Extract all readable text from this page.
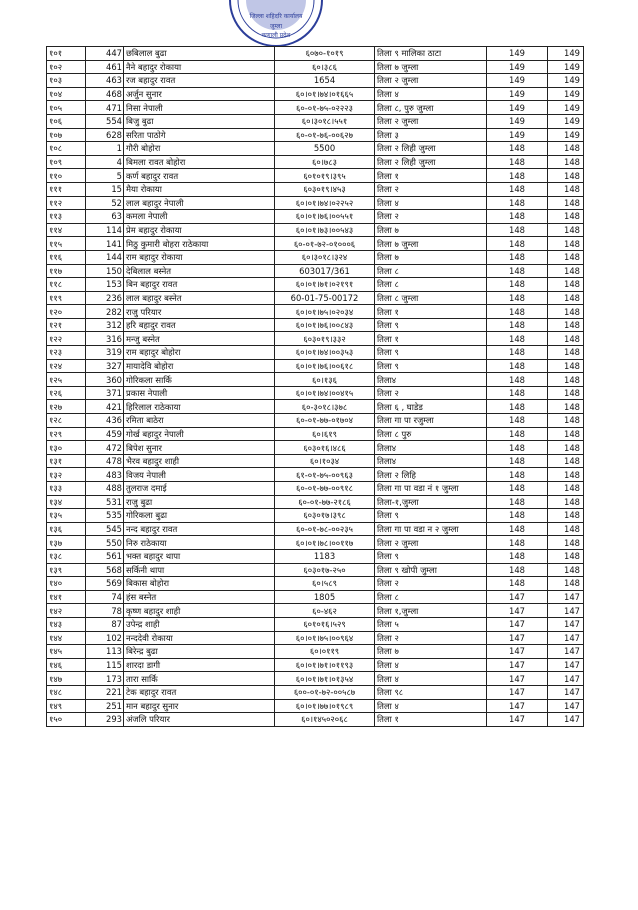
जिल्ला शहिदरि कार्यालय
जुम्ला
कणाली प्रदेश
१०१	447	छबिलाल बुढा	६०७०-१०१९	तिला ९ मालिका ठाटा	149	149
१०२	461	नैने बहादुर रोकाया	६०।३८६	तिला ७ जुम्ला	149	149
१०३	463	रज बहादुर रावत	1654	तिला २ जुम्ला	149	149
१०४	468	अर्जुन सुनार	६०।०१।७४।०१६६५	तिला ४	149	149
१०५	471	निसा नेपाली	६०-०१-७५-०२२२३	तिला ८, पुरु जुम्ला	149	149
१०६	554	बिजु बुढा	६०।३०१८।५५१	तिला २ जुम्ला	149	149
१०७	628	सरिता पाठोगे	६०-०१-७६-००६२७	तिला ३	149	149
१०८	1	गौरी बोहोरा	5500	तिला २ लिही जुम्ला	148	148
१०९	4	बिमला रावत बोहोरा	६०।७८३	तिला २ लिही जुम्ला	148	148
११०	5	कर्ण बहादुर रावत	६०१०१९।३९५	तिला १	148	148
१११	15	मैया रोकाया	६०३०१९।४५३	तिला २	148	148
११२	52	लाल बहादुर नेपाली	६०।०१।७४।०२२५२	तिला ४	148	148
११३	63	कमला नेपाली	६०।०१।७६।००५५१	तिला २	148	148
११४	114	प्रेम बहादुर रोकाया	६०।०१।७३।००५४३	तिला ७	148	148
११५	141	मिठु कुमारी बोहरा राठेकाया	६०-०१-७२-०१०००६	तिला ७ जुम्ला	148	148
११६	144	राम बहादुर रोकाया	६०।३०१८।३२४	तिला ७	148	148
११७	150	देबिलाल बस्नेत	603017/361	तिला ८	148	148
११८	153	बिन बहादुर रावत	६०।०१।७१।०२१९१	तिला ८	148	148
११९	236	लाल बहादुर बस्नेत	60-01-75-00172	तिला ८ जुम्ला	148	148
१२०	282	राजु परियार	६०।०१।७५।०२०३४	तिला १	148	148
१२१	312	हरि बहादुर रावत	६०।०१।७६।००८४३	तिला ९	148	148
१२२	316	मन्जु बस्नेत	६०३०१९।३३२	तिला १	148	148
१२३	319	राम बहादुर बोहोरा	६०।०१।७४।००३५३	तिला ९	148	148
१२४	327	मायादेवि बोहोरा	६०।०१।७६।००६१८	तिला ९	148	148
१२५	360	गोरिकला सार्कि	६०।१३६	तिला४	148	148
१२६	371	प्रकास नेपाली	६०।०१।७४।००४१५	तिला २	148	148
१२७	421	हिरिलाल राठेकाया	६०-३०१८।३७८	तिला ६ , घाडेड	148	148
१२८	436	रमिता बाठेरा	६०-०१-७७-०१७०४	तिला गा पा रजुम्ला	148	148
१२९	459	गोर्ख बहादुर नेपाली	६०।६१९	तिला ८ पुरु	148	148
१३०	472	बिपेश सुनार	६०३०१६।४८६	तिला४	148	148
१३१	478	भैरव बहादुर शाही	६०।१०३४	तिला४	148	148
१३२	483	विजय नेपाली	६१-०१-७५-००९६३	तिला २ लिहि	148	148
१३३	488	तुलराज दमाई	६०-०१-७७-००९१८	तिला गा पा वडा नं १ जुम्ला	148	148
१३४	531	राजु बुढा	६०-०१-७७-२१८६	तिला-१,जुम्ला	148	148
१३५	535	गोरिकला बुढा	६०३०१७।३९८	तिला ९	148	148
१३६	545	नन्द बहादुर रावत	६०-०१-७८-००२३५	तिला गा पा वडा न २ जुम्ला	148	148
१३७	550	निरु राठेकाया	६०।०१।७८।००११७	तिला २ जुम्ला	148	148
१३८	561	भक्त बहादुर थापा	1183	तिला ९	148	148
१३९	568	सर्किनी थापा	६०३०१७-२५०	तिला ९ खोपी जुम्ला	148	148
१४०	569	बिकास बोहोरा	६०।५८९	तिला २	148	148
१४१	74	हंस बस्नेत	1805	तिला ८	147	147
१४२	78	कृष्ण बहादुर शाही	६०-४६२	तिला १,जुम्ला	147	147
१४३	87	उपेन्द्र शाही	६०१०१६।५२९	तिला ५	147	147
१४४	102	नन्ददेवी रोकाया	६०।०१।७५।००९६४	तिला २	147	147
१४५	113	बिरेन्द्र बुढा	६०।०११९	तिला ७	147	147
१४६	115	शारदा डागी	६०।०१।७१।०११९३	तिला ४	147	147
१४७	173	तारा सार्कि	६०।०१।७१।०१३५४	तिला ४	147	147
१४८	221	टेक बहादुर रावत	६००-०१-७२-००५८७	तिला ९८	147	147
१४९	251	मान बहादुर सुनार	६०।०१।७७।०१९८९	तिला ४	147	147
१५०	293	अंजलि परियार	६०।१४५०२०६८	तिला १	147	147
